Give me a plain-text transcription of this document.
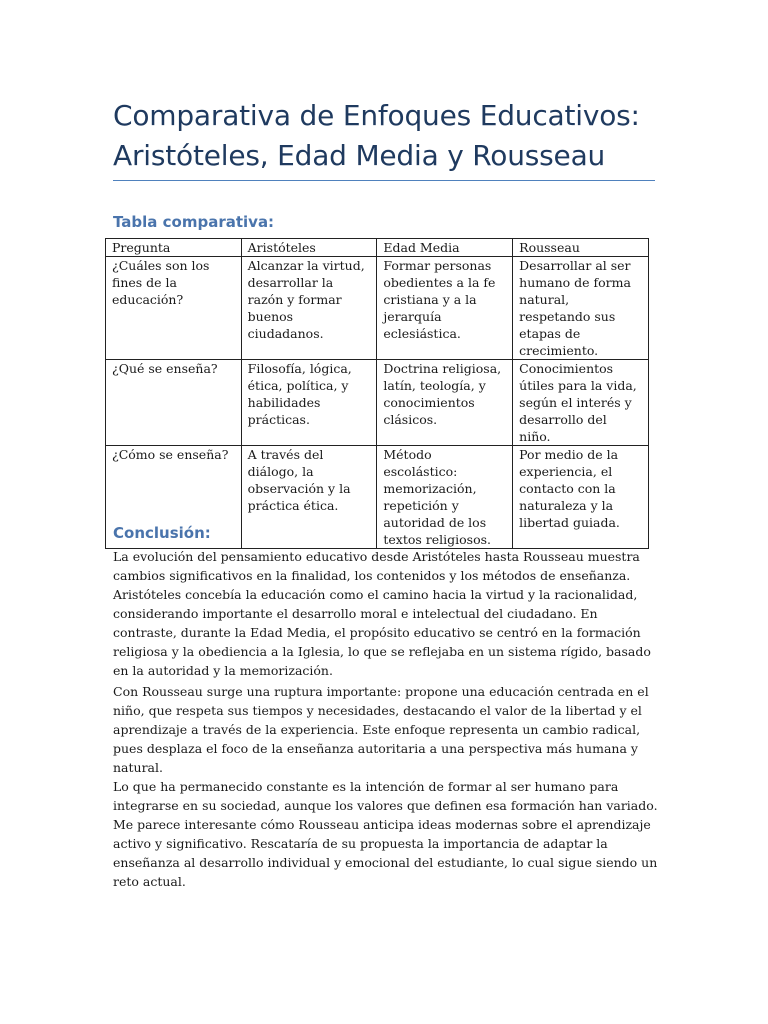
Comparativa de Enfoques Educativos:
Aristóteles, Edad Media y Rousseau
Tabla comparativa:
Pregunta	Aristóteles	Edad Media	Rousseau
¿Cuáles son los fines de la educación?	Alcanzar la virtud, desarrollar la razón y formar buenos ciudadanos.	Formar personas obedientes a la fe cristiana y a la jerarquía eclesiástica.	Desarrollar al ser humano de forma natural, respetando sus etapas de crecimiento.
¿Qué se enseña?	Filosofía, lógica, ética, política, y habilidades prácticas.	Doctrina religiosa, latín, teología, y conocimientos clásicos.	Conocimientos útiles para la vida, según el interés y desarrollo del niño.
¿Cómo se enseña?	A través del diálogo, la observación y la práctica ética.	Método escolástico: memorización, repetición y autoridad de los textos religiosos.	Por medio de la experiencia, el contacto con la naturaleza y la libertad guiada.
Conclusión:

La evolución del pensamiento educativo desde Aristóteles hasta Rousseau muestra cambios significativos en la finalidad, los contenidos y los métodos de enseñanza. Aristóteles concebía la educación como el camino hacia la virtud y la racionalidad, considerando importante el desarrollo moral e intelectual del ciudadano. En contraste, durante la Edad Media, el propósito educativo se centró en la formación religiosa y la obediencia a la Iglesia, lo que se reflejaba en un sistema rígido, basado en la autoridad y la memorización.

Con Rousseau surge una ruptura importante: propone una educación centrada en el niño, que respeta sus tiempos y necesidades, destacando el valor de la libertad y el aprendizaje a través de la experiencia. Este enfoque representa un cambio radical, pues desplaza el foco de la enseñanza autoritaria a una perspectiva más humana y natural.

Lo que ha permanecido constante es la intención de formar al ser humano para integrarse en su sociedad, aunque los valores que definen esa formación han variado. Me parece interesante cómo Rousseau anticipa ideas modernas sobre el aprendizaje activo y significativo. Rescataría de su propuesta la importancia de adaptar la enseñanza al desarrollo individual y emocional del estudiante, lo cual sigue siendo un reto actual.
